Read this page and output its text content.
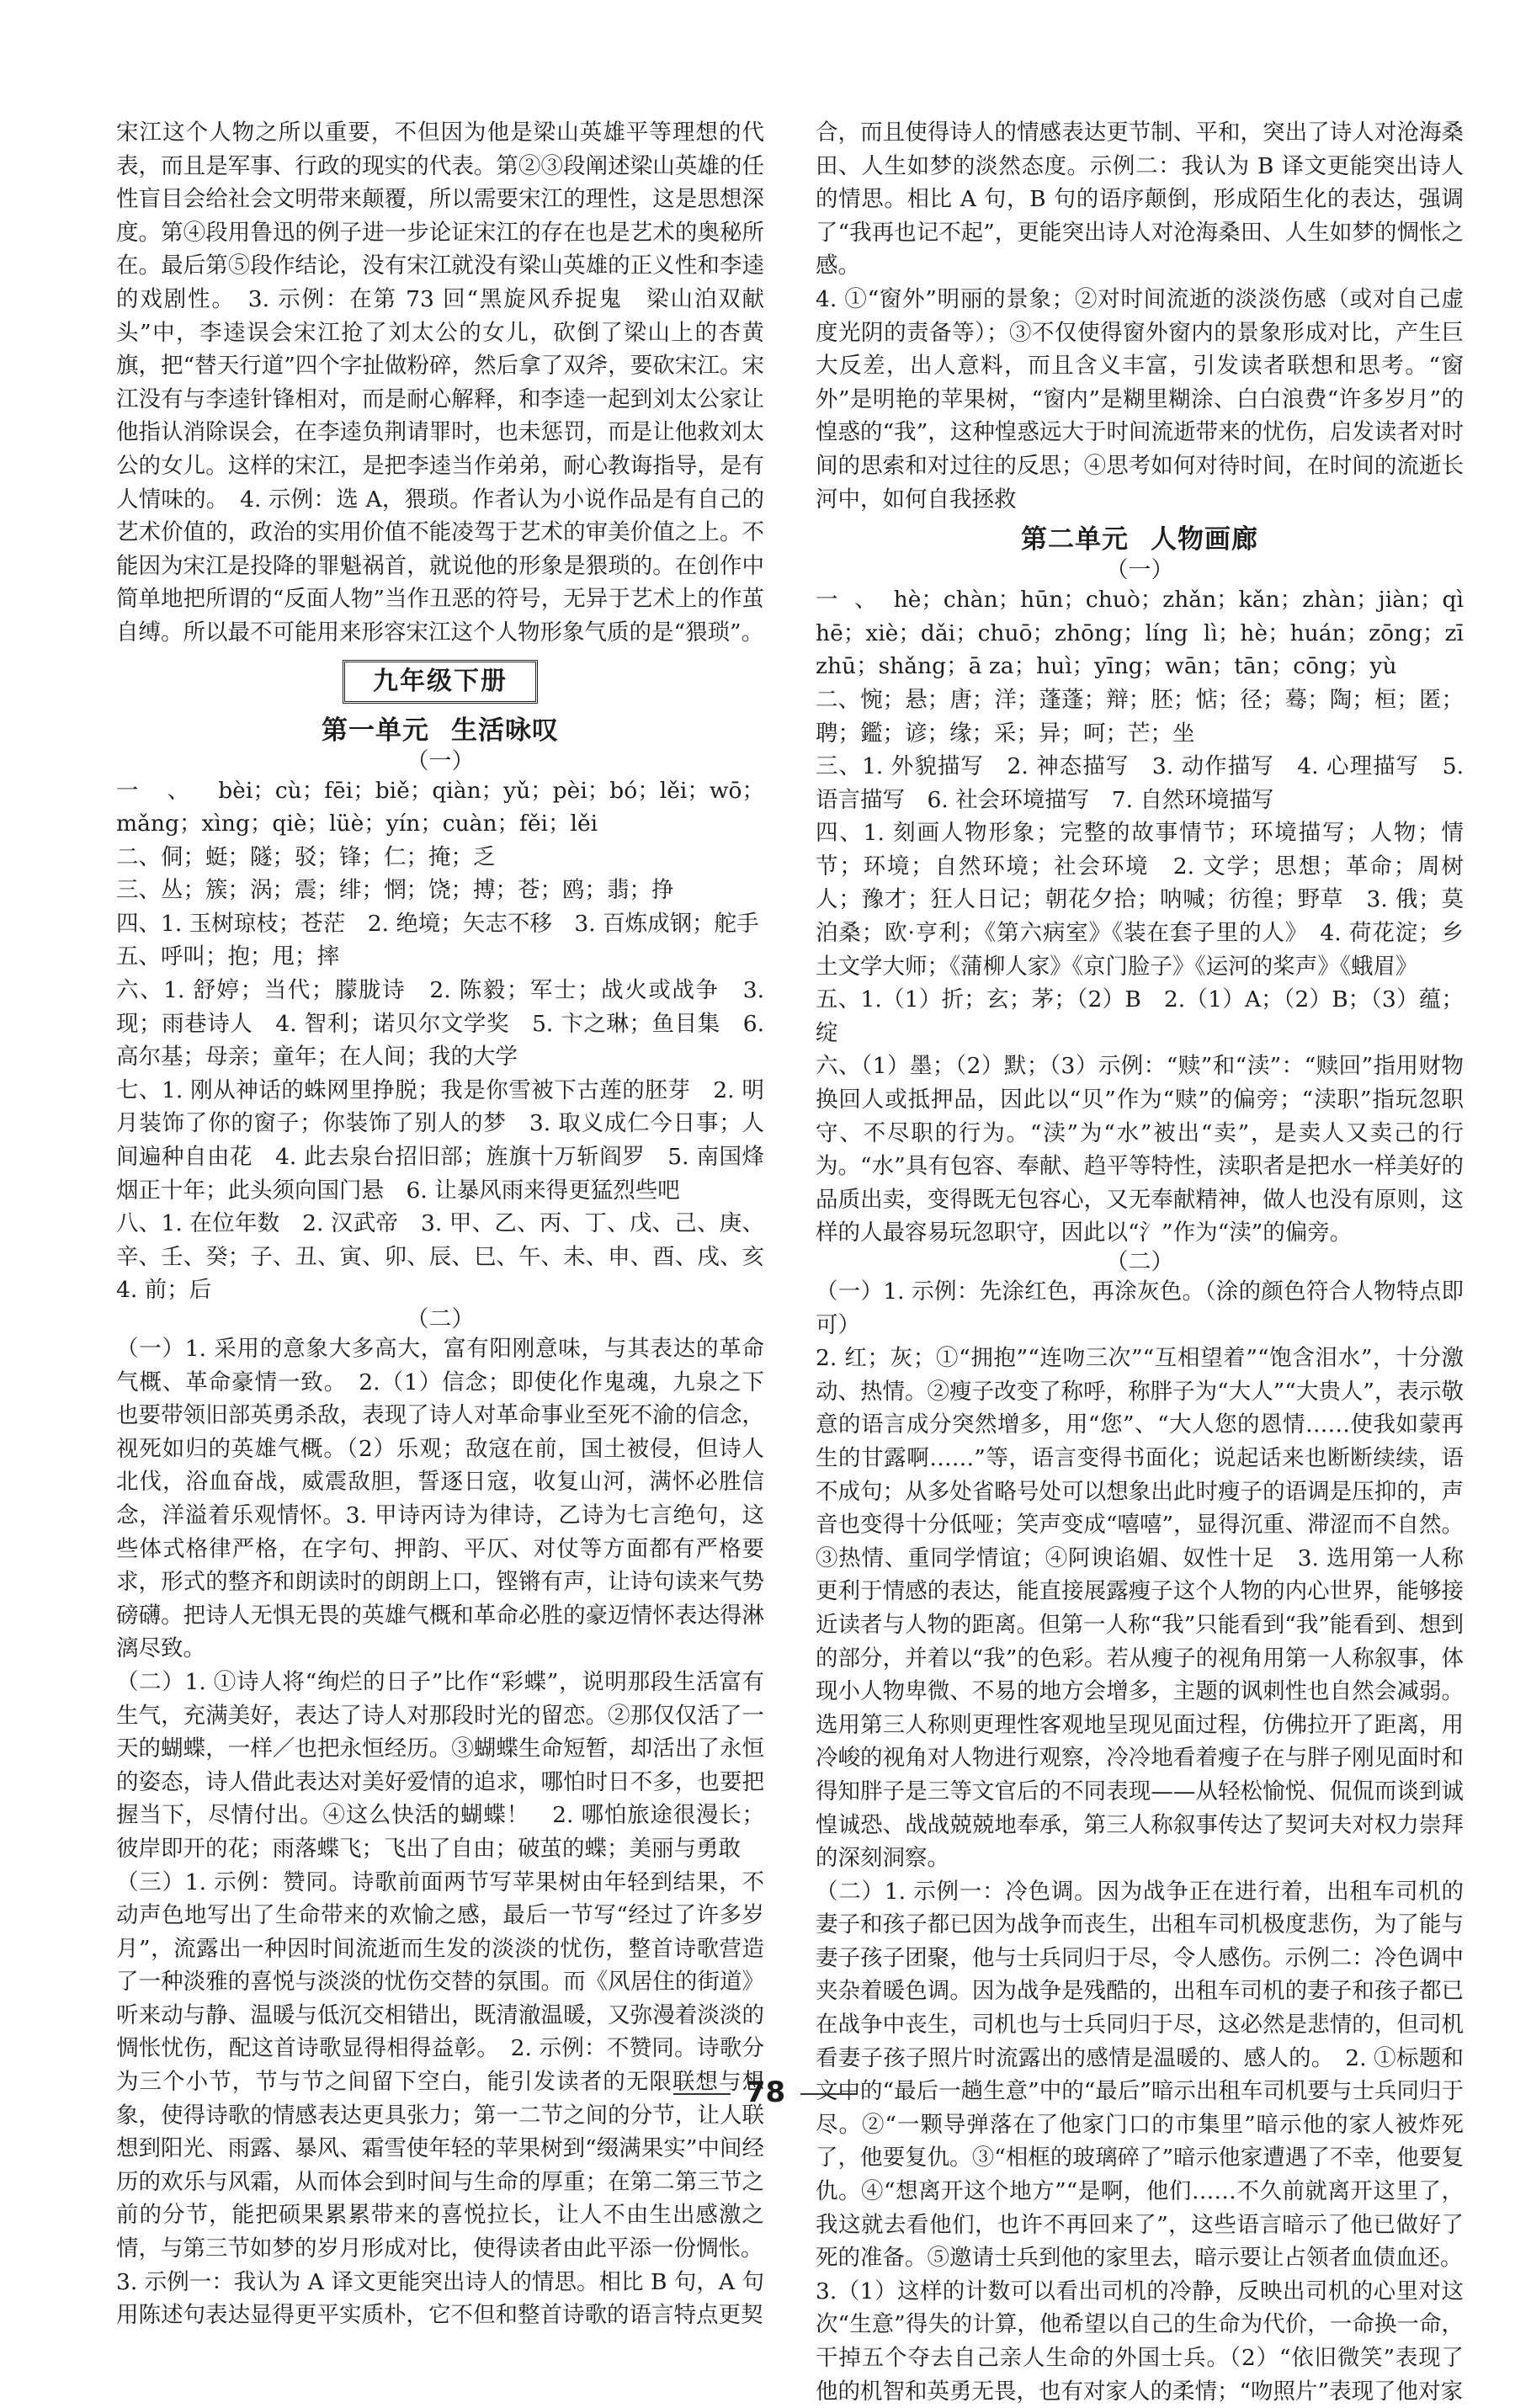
宋江这个人物之所以重要，不但因为他是梁山英雄平等理想的代表，而且是军事、行政的现实的代表。第②③段阐述梁山英雄的任性盲目会给社会文明带来颠覆，所以需要宋江的理性，这是思想深度。第④段用鲁迅的例子进一步论证宋江的存在也是艺术的奥秘所在。最后第⑤段作结论，没有宋江就没有梁山英雄的正义性和李逵的戏剧性。　3. 示例：在第 73 回“黑旋风乔捉鬼　梁山泊双献头”中，李逵误会宋江抢了刘太公的女儿，砍倒了梁山上的杏黄旗，把“替天行道”四个字扯做粉碎，然后拿了双斧，要砍宋江。宋江没有与李逵针锋相对，而是耐心解释，和李逵一起到刘太公家让他指认消除误会，在李逵负荆请罪时，也未惩罚，而是让他救刘太公的女儿。这样的宋江，是把李逵当作弟弟，耐心教诲指导，是有人情味的。　4. 示例：选 A，猥琐。作者认为小说作品是有自己的艺术价值的，政治的实用价值不能凌驾于艺术的审美价值之上。不能因为宋江是投降的罪魁祸首，就说他的形象是猥琐的。在创作中简单地把所谓的“反面人物”当作丑恶的符号，无异于艺术上的作茧自缚。所以最不可能用来形容宋江这个人物形象气质的是“猥琐”。

九年级下册
第一单元 生活咏叹
（一）

一、bèi；cù；fēi；biě；qiàn；yǔ；pèi；bó；lěi；wō；mǎng；xìng；qiè；lüè；yín；cuàn；fěi；lěi

二、侗；蜓；隧；驳；锋；仁；掩；乏

三、丛；簇；涡；震；绯；惘；饶；搏；苍；鸥；翡；挣

四、1. 玉树琼枝；苍茫　2. 绝境；矢志不移　3. 百炼成钢；舵手

五、呼叫；抱；甩；摔

六、1. 舒婷；当代；朦胧诗　2. 陈毅；军士；战火或战争　3. 现；雨巷诗人　4. 智利；诺贝尔文学奖　5. 卞之琳；鱼目集　6. 高尔基；母亲；童年；在人间；我的大学

七、1. 刚从神话的蛛网里挣脱；我是你雪被下古莲的胚芽　2. 明月装饰了你的窗子；你装饰了别人的梦　3. 取义成仁今日事；人间遍种自由花　4. 此去泉台招旧部；旌旗十万斩阎罗　5. 南国烽烟正十年；此头须向国门悬　6. 让暴风雨来得更猛烈些吧

八、1. 在位年数　2. 汉武帝　3. 甲、乙、丙、丁、戊、己、庚、辛、壬、癸；子、丑、寅、卯、辰、巳、午、未、申、酉、戌、亥　4. 前；后

（二）

（一）1. 采用的意象大多高大，富有阳刚意味，与其表达的革命气概、革命豪情一致。　2.（1）信念；即使化作鬼魂，九泉之下也要带领旧部英勇杀敌，表现了诗人对革命事业至死不渝的信念，视死如归的英雄气概。（2）乐观；敌寇在前，国土被侵，但诗人北伐，浴血奋战，威震敌胆，誓逐日寇，收复山河，满怀必胜信念，洋溢着乐观情怀。3. 甲诗丙诗为律诗，乙诗为七言绝句，这些体式格律严格，在字句、押韵、平仄、对仗等方面都有严格要求，形式的整齐和朗读时的朗朗上口，铿锵有声，让诗句读来气势磅礴。把诗人无惧无畏的英雄气概和革命必胜的豪迈情怀表达得淋漓尽致。

（二）1. ①诗人将“绚烂的日子”比作“彩蝶”，说明那段生活富有生气，充满美好，表达了诗人对那段时光的留恋。②那仅仅活了一天的蝴蝶，一样／也把永恒经历。③蝴蝶生命短暂，却活出了永恒的姿态，诗人借此表达对美好爱情的追求，哪怕时日不多，也要把握当下，尽情付出。④这么快活的蝴蝶！　2. 哪怕旅途很漫长；彼岸即开的花；雨落蝶飞；飞出了自由；破茧的蝶；美丽与勇敢

（三）1. 示例：赞同。诗歌前面两节写苹果树由年轻到结果，不动声色地写出了生命带来的欢愉之感，最后一节写“经过了许多岁月”，流露出一种因时间流逝而生发的淡淡的忧伤，整首诗歌营造了一种淡雅的喜悦与淡淡的忧伤交替的氛围。而《风居住的街道》听来动与静、温暖与低沉交相错出，既清澈温暖，又弥漫着淡淡的惆怅忧伤，配这首诗歌显得相得益彰。　2. 示例：不赞同。诗歌分为三个小节，节与节之间留下空白，能引发读者的无限联想与想象，使得诗歌的情感表达更具张力；第一二节之间的分节，让人联想到阳光、雨露、暴风、霜雪使年轻的苹果树到“缀满果实”中间经历的欢乐与风霜，从而体会到时间与生命的厚重；在第二第三节之前的分节，能把硕果累累带来的喜悦拉长，让人不由生出感激之情，与第三节如梦的岁月形成对比，使得读者由此平添一份惆怅。

3. 示例一：我认为 A 译文更能突出诗人的情思。相比 B 句，A 句用陈述句表达显得更平实质朴，它不但和整首诗歌的语言特点更契

合，而且使得诗人的情感表达更节制、平和，突出了诗人对沧海桑田、人生如梦的淡然态度。示例二：我认为 B 译文更能突出诗人的情思。相比 A 句，B 句的语序颠倒，形成陌生化的表达，强调了“我再也记不起”，更能突出诗人对沧海桑田、人生如梦的惆怅之感。

4. ①“窗外”明丽的景象；②对时间流逝的淡淡伤感（或对自己虚度光阴的责备等）；③不仅使得窗外窗内的景象形成对比，产生巨大反差，出人意料，而且含义丰富，引发读者联想和思考。“窗外”是明艳的苹果树，“窗内”是糊里糊涂、白白浪费“许多岁月”的惶惑的“我”，这种惶惑远大于时间流逝带来的忧伤，启发读者对时间的思索和对过往的反思；④思考如何对待时间，在时间的流逝长河中，如何自我拯救

第二单元 人物画廊
（一）

一、hè；chàn；hūn；chuò；zhǎn；kǎn；zhàn；jiàn；qì hē；xiè；dǎi；chuō；zhōng；líng lì；hè；huán；zōng；zī zhū；shǎng；ā za；huì；yīng；wān；tān；cōng；yù

二、惋；悬；唐；洋；蓬蓬；辩；胚；惦；径；蓦；陶；桓；匿；聘；鑑；谚；缘；采；异；呵；芒；坐

三、1. 外貌描写　2. 神态描写　3. 动作描写　4. 心理描写　5. 语言描写　6. 社会环境描写　7. 自然环境描写

四、1. 刻画人物形象；完整的故事情节；环境描写；人物；情节；环境；自然环境；社会环境　2. 文学；思想；革命；周树人；豫才；狂人日记；朝花夕拾；呐喊；彷徨；野草　3. 俄；莫泊桑；欧·亨利；《第六病室》《装在套子里的人》　4. 荷花淀；乡土文学大师；《蒲柳人家》《京门脸子》《运河的桨声》《蛾眉》

五、1.（1）折；玄；茅；（2）B　2.（1）A；（2）B；（3）蕴；绽

六、（1）墨；（2）默；（3）示例：“赎”和“渎”：“赎回”指用财物换回人或抵押品，因此以“贝”作为“赎”的偏旁；“渎职”指玩忽职守、不尽职的行为。“渎”为“水”被出“卖”，是卖人又卖己的行为。“水”具有包容、奉献、趋平等特性，渎职者是把水一样美好的品质出卖，变得既无包容心，又无奉献精神，做人也没有原则，这样的人最容易玩忽职守，因此以“氵”作为“渎”的偏旁。

（二）

（一）1. 示例：先涂红色，再涂灰色。（涂的颜色符合人物特点即可）

2. 红；灰；①“拥抱”“连吻三次”“互相望着”“饱含泪水”，十分激动、热情。②瘦子改变了称呼，称胖子为“大人”“大贵人”，表示敬意的语言成分突然增多，用“您”、“大人您的恩情……使我如蒙再生的甘露啊……”等，语言变得书面化；说起话来也断断续续，语不成句；从多处省略号处可以想象出此时瘦子的语调是压抑的，声音也变得十分低哑；笑声变成“嘻嘻”，显得沉重、滞涩而不自然。③热情、重同学情谊；④阿谀谄媚、奴性十足　3. 选用第一人称更利于情感的表达，能直接展露瘦子这个人物的内心世界，能够接近读者与人物的距离。但第一人称“我”只能看到“我”能看到、想到的部分，并着以“我”的色彩。若从瘦子的视角用第一人称叙事，体现小人物卑微、不易的地方会增多，主题的讽刺性也自然会减弱。选用第三人称则更理性客观地呈现见面过程，仿佛拉开了距离，用冷峻的视角对人物进行观察，冷冷地看着瘦子在与胖子刚见面时和得知胖子是三等文官后的不同表现——从轻松愉悦、侃侃而谈到诚惶诚恐、战战兢兢地奉承，第三人称叙事传达了契诃夫对权力崇拜的深刻洞察。

（二）1. 示例一：冷色调。因为战争正在进行着，出租车司机的妻子和孩子都已因为战争而丧生，出租车司机极度悲伤，为了能与妻子孩子团聚，他与士兵同归于尽，令人感伤。示例二：冷色调中夹杂着暖色调。因为战争是残酷的，出租车司机的妻子和孩子都已在战争中丧生，司机也与士兵同归于尽，这必然是悲情的，但司机看妻子孩子照片时流露出的感情是温暖的、感人的。　2. ①标题和文中的“最后一趟生意”中的“最后”暗示出租车司机要与士兵同归于尽。②“一颗导弹落在了他家门口的市集里”暗示他的家人被炸死了，他要复仇。③“相框的玻璃碎了”暗示他家遭遇了不幸，他要复仇。④“想离开这个地方”“是啊，他们……不久前就离开这里了，我这就去看他们，也许不再回来了”，这些语言暗示了他已做好了死的准备。⑤邀请士兵到他的家里去，暗示要让占领者血债血还。

3.（1）这样的计数可以看出司机的冷静，反映出司机的心里对这次“生意”得失的计算，他希望以自己的生命为代价，一命换一命，干掉五个夺去自己亲人生命的外国士兵。（2）“依旧微笑”表现了他的机智和英勇无畏，也有对家人的柔情；“吻照片”表现了他对家

78
